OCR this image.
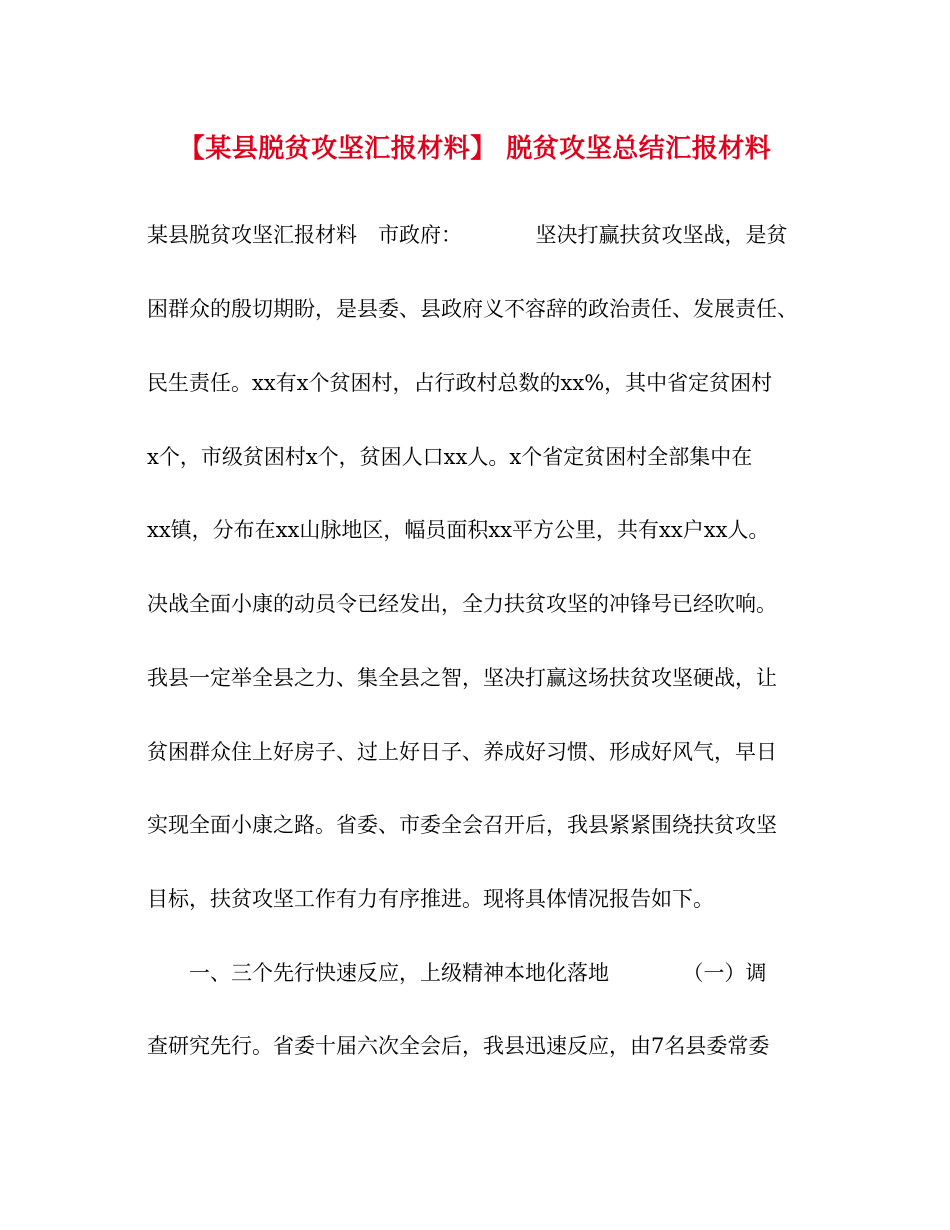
【某县脱贫攻坚汇报材料】 脱贫攻坚总结汇报材料
某县脱贫攻坚汇报材料　市政府：　　　　坚决打赢扶贫攻坚战，是贫
困群众的殷切期盼，是县委、县政府义不容辞的政治责任、发展责任、
民生责任。xx有x个贫困村，占行政村总数的xx%，其中省定贫困村
x个，市级贫困村x个，贫困人口xx人。x个省定贫困村全部集中在
xx镇，分布在xx山脉地区，幅员面积xx平方公里，共有xx户xx人。
决战全面小康的动员令已经发出，全力扶贫攻坚的冲锋号已经吹响。
我县一定举全县之力、集全县之智，坚决打赢这场扶贫攻坚硬战，让
贫困群众住上好房子、过上好日子、养成好习惯、形成好风气，早日
实现全面小康之路。省委、市委全会召开后，我县紧紧围绕扶贫攻坚
目标，扶贫攻坚工作有力有序推进。现将具体情况报告如下。
　　一、三个先行快速反应，上级精神本地化落地　　　　（一）调
查研究先行。省委十届六次全会后，我县迅速反应，由7名县委常委
